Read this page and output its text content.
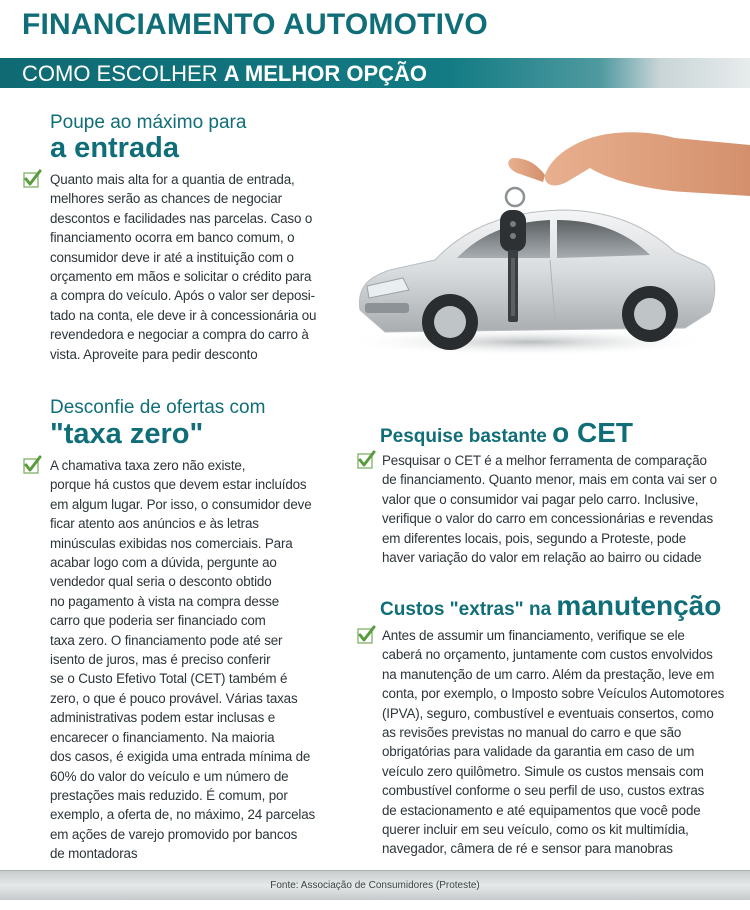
FINANCIAMENTO AUTOMOTIVO
COMO ESCOLHER A MELHOR OPÇÃO
Poupe ao máximo para
a entrada

Quanto mais alta for a quantia de entrada,

melhores serão as chances de negociar

descontos e facilidades nas parcelas. Caso o

financiamento ocorra em banco comum, o

consumidor deve ir até a instituição com o

orçamento em mãos e solicitar o crédito para

a compra do veículo. Após o valor ser deposi-

tado na conta, ele deve ir à concessionária ou

revendedora e negociar a compra do carro à

vista. Aproveite para pedir desconto

Desconfie de ofertas com
"taxa zero"

A chamativa taxa zero não existe,

porque há custos que devem estar incluídos

em algum lugar. Por isso, o consumidor deve

ficar atento aos anúncios e às letras

minúsculas exibidas nos comerciais. Para

acabar logo com a dúvida, pergunte ao

vendedor qual seria o desconto obtido

no pagamento à vista na compra desse

carro que poderia ser financiado com

taxa zero. O financiamento pode até ser

isento de juros, mas é preciso conferir

se o Custo Efetivo Total (CET) também é

zero, o que é pouco provável. Várias taxas

administrativas podem estar inclusas e

encarecer o financiamento. Na maioria

dos casos, é exigida uma entrada mínima de

60% do valor do veículo e um número de

prestações mais reduzido. É comum, por

exemplo, a oferta de, no máximo, 24 parcelas

em ações de varejo promovido por bancos

de montadoras

Pesquise bastante o CET

Pesquisar o CET é a melhor ferramenta de comparação

de financiamento. Quanto menor, mais em conta vai ser o

valor que o consumidor vai pagar pelo carro. Inclusive,

verifique o valor do carro em concessionárias e revendas

em diferentes locais, pois, segundo a Proteste, pode

haver variação do valor em relação ao bairro ou cidade

Custos "extras" na manutenção

Antes de assumir um financiamento, verifique se ele

caberá no orçamento, juntamente com custos envolvidos

na manutenção de um carro. Além da prestação, leve em

conta, por exemplo, o Imposto sobre Veículos Automotores

(IPVA), seguro, combustível e eventuais consertos, como

as revisões previstas no manual do carro e que são

obrigatórias para validade da garantia em caso de um

veículo zero quilômetro. Simule os custos mensais com

combustível conforme o seu perfil de uso, custos extras

de estacionamento e até equipamentos que você pode

querer incluir em seu veículo, como os kit multimídia,

navegador, câmera de ré e sensor para manobras

Fonte: Associação de Consumidores (Proteste)
